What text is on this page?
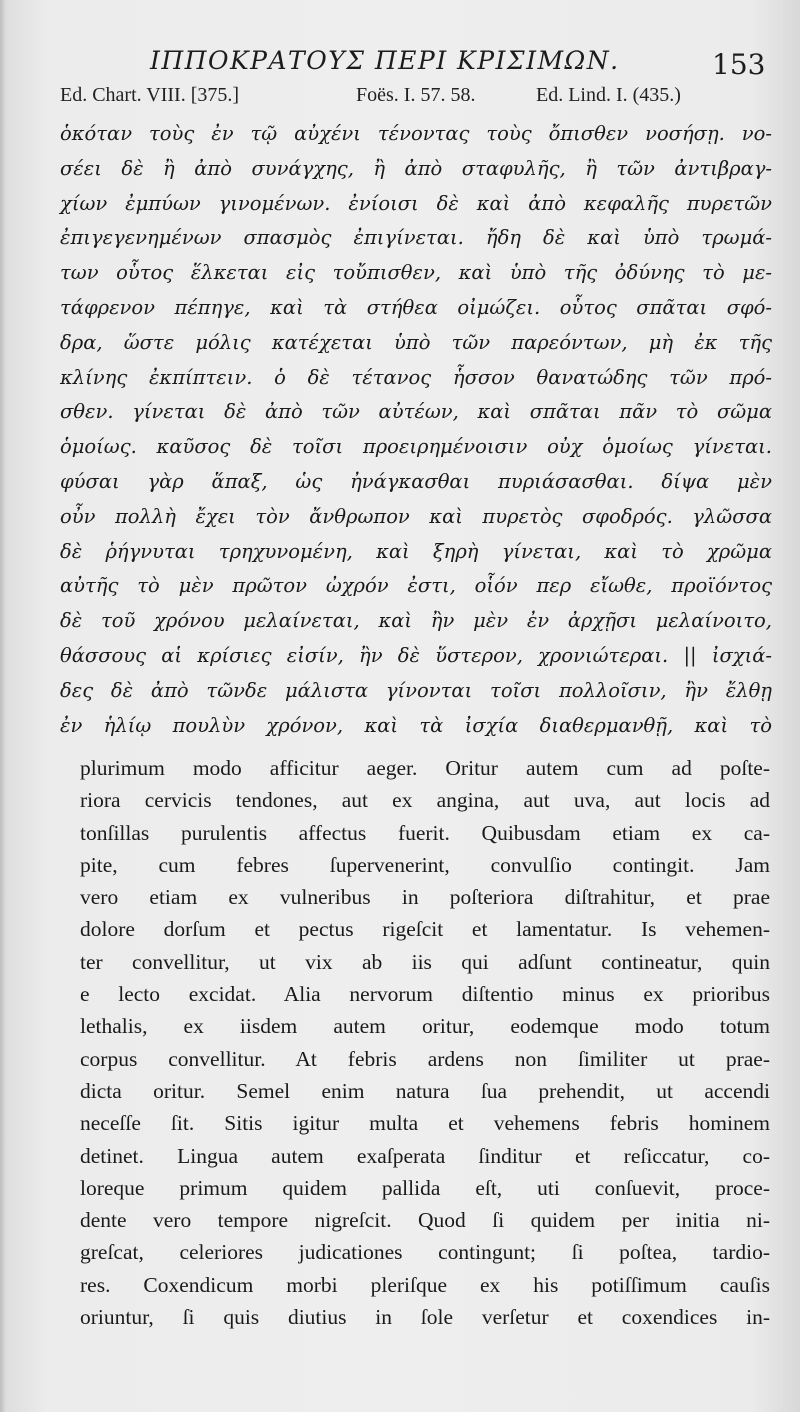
ΙΠΠΟΚΡΑΤΟΥΣ ΠΕΡΙ ΚΡΙΣΙΜΩΝ.	153
Ed. Chart. VIII. [375.]	Foës. I. 57. 58.	Ed. Lind. I. (435.)
ὁκόταν τοὺς ἐν τῷ αὐχένι τένοντας τοὺς ὄπισθεν νοσήσῃ. νο-
σέει δὲ ἢ ἀπὸ συνάγχης, ἢ ἀπὸ σταφυλῆς, ἢ τῶν ἀντιβραγ-
χίων ἐμπύων γινομένων. ἐνίοισι δὲ καὶ ἀπὸ κεφαλῆς πυρετῶν
ἐπιγεγενημένων σπασμὸς ἐπιγίνεται. ἤδη δὲ καὶ ὑπὸ τρωμά-
των οὗτος ἕλκεται εἰς τοὔπισθεν, καὶ ὑπὸ τῆς ὀδύνης τὸ με-
τάφρενον πέπηγε, καὶ τὰ στήθεα οἰμώζει. οὗτος σπᾶται σφό-
δρα, ὥστε μόλις κατέχεται ὑπὸ τῶν παρεόντων, μὴ ἐκ τῆς
κλίνης ἐκπίπτειν. ὁ δὲ τέτανος ἧσσον θανατώδης τῶν πρό-
σθεν. γίνεται δὲ ἀπὸ τῶν αὐτέων, καὶ σπᾶται πᾶν τὸ σῶμα
ὁμοίως. καῦσος δὲ τοῖσι προειρημένοισιν οὐχ ὁμοίως γίνεται.
φύσαι γὰρ ἅπαξ, ὡς ἠνάγκασθαι πυριάσασθαι. δίψα μὲν
οὖν πολλὴ ἔχει τὸν ἄνθρωπον καὶ πυρετὸς σφοδρός. γλῶσσα
δὲ ῥήγνυται τρηχυνομένη, καὶ ξηρὴ γίνεται, καὶ τὸ χρῶμα
αὐτῆς τὸ μὲν πρῶτον ὠχρόν ἐστι, οἷόν περ εἴωθε, προϊόντος
δὲ τοῦ χρόνου μελαίνεται, καὶ ἢν μὲν ἐν ἀρχῇσι μελαίνοιτο,
θάσσους αἱ κρίσιες εἰσίν, ἢν δὲ ὕστερον, χρονιώτεραι. || ἰσχιά-
δες δὲ ἀπὸ τῶνδε μάλιστα γίνονται τοῖσι πολλοῖσιν, ἢν ἔλθῃ
ἐν ἡλίῳ πουλὺν χρόνον, καὶ τὰ ἰσχία διαθερμανθῇ, καὶ τὸ
plurimum modo afficitur aeger. Oritur autem cum ad poſte-
riora cervicis tendones, aut ex angina, aut uva, aut locis ad
tonſillas purulentis affectus fuerit. Quibusdam etiam ex ca-
pite, cum febres ſupervenerint, convulſio contingit. Jam
vero etiam ex vulneribus in poſteriora diſtrahitur, et prae
dolore dorſum et pectus rigeſcit et lamentatur. Is vehemen-
ter convellitur, ut vix ab iis qui adſunt contineatur, quin
e lecto excidat. Alia nervorum diſtentio minus ex prioribus
lethalis, ex iisdem autem oritur, eodemque modo totum
corpus convellitur. At febris ardens non ſimiliter ut prae-
dicta oritur. Semel enim natura ſua prehendit, ut accendi
neceſſe ſit. Sitis igitur multa et vehemens febris hominem
detinet. Lingua autem exaſperata ſinditur et reſiccatur, co-
loreque primum quidem pallida eſt, uti conſuevit, proce-
dente vero tempore nigreſcit. Quod ſi quidem per initia ni-
greſcat, celeriores judicationes contingunt; ſi poſtea, tardio-
res. Coxendicum morbi pleriſque ex his potiſſimum cauſis
oriuntur, ſi quis diutius in ſole verſetur et coxendices in-
